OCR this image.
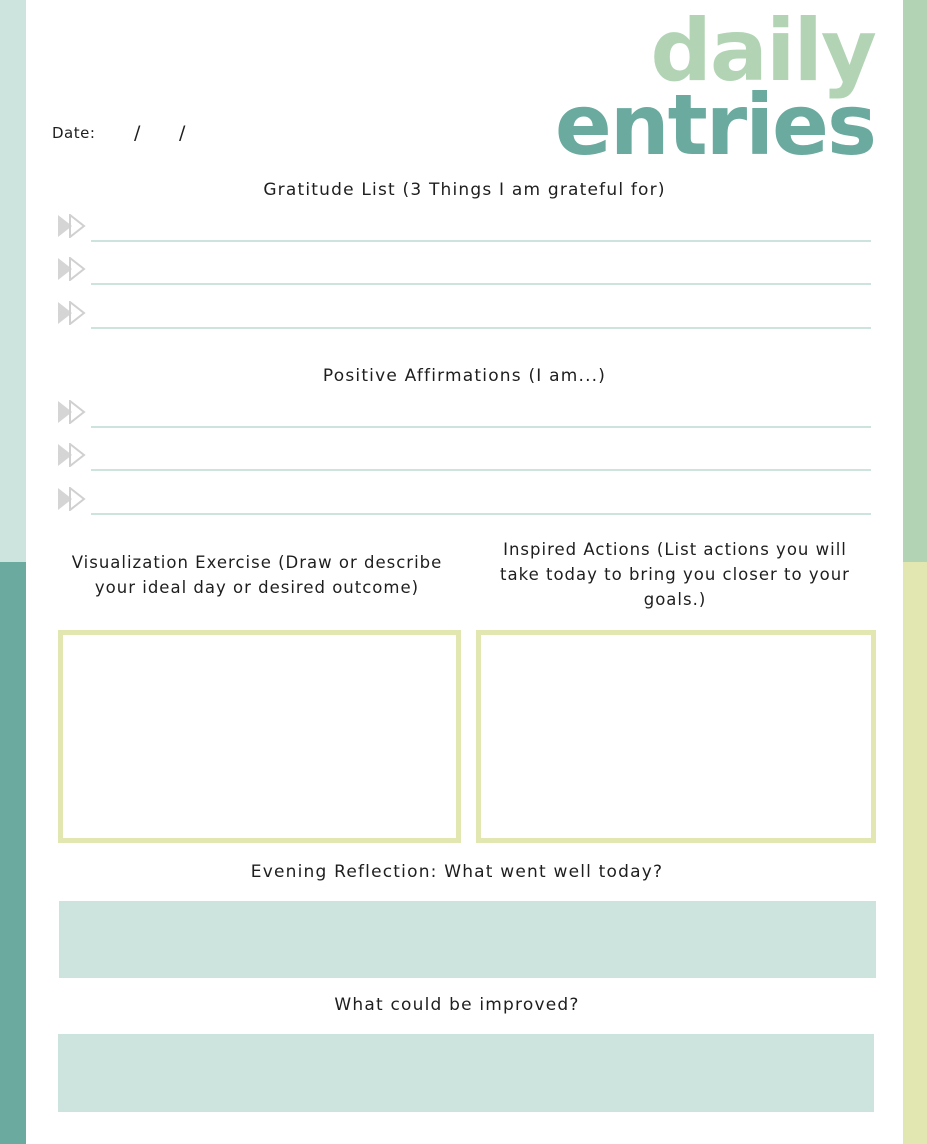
daily
entries
Date: / /
Gratitude List (3 Things I am grateful for)
Positive Affirmations (I am...)
Visualization Exercise (Draw or describe
your ideal day or desired outcome)
Inspired Actions (List actions you will
take today to bring you closer to your
goals.)
Evening Reflection: What went well today?
What could be improved?
